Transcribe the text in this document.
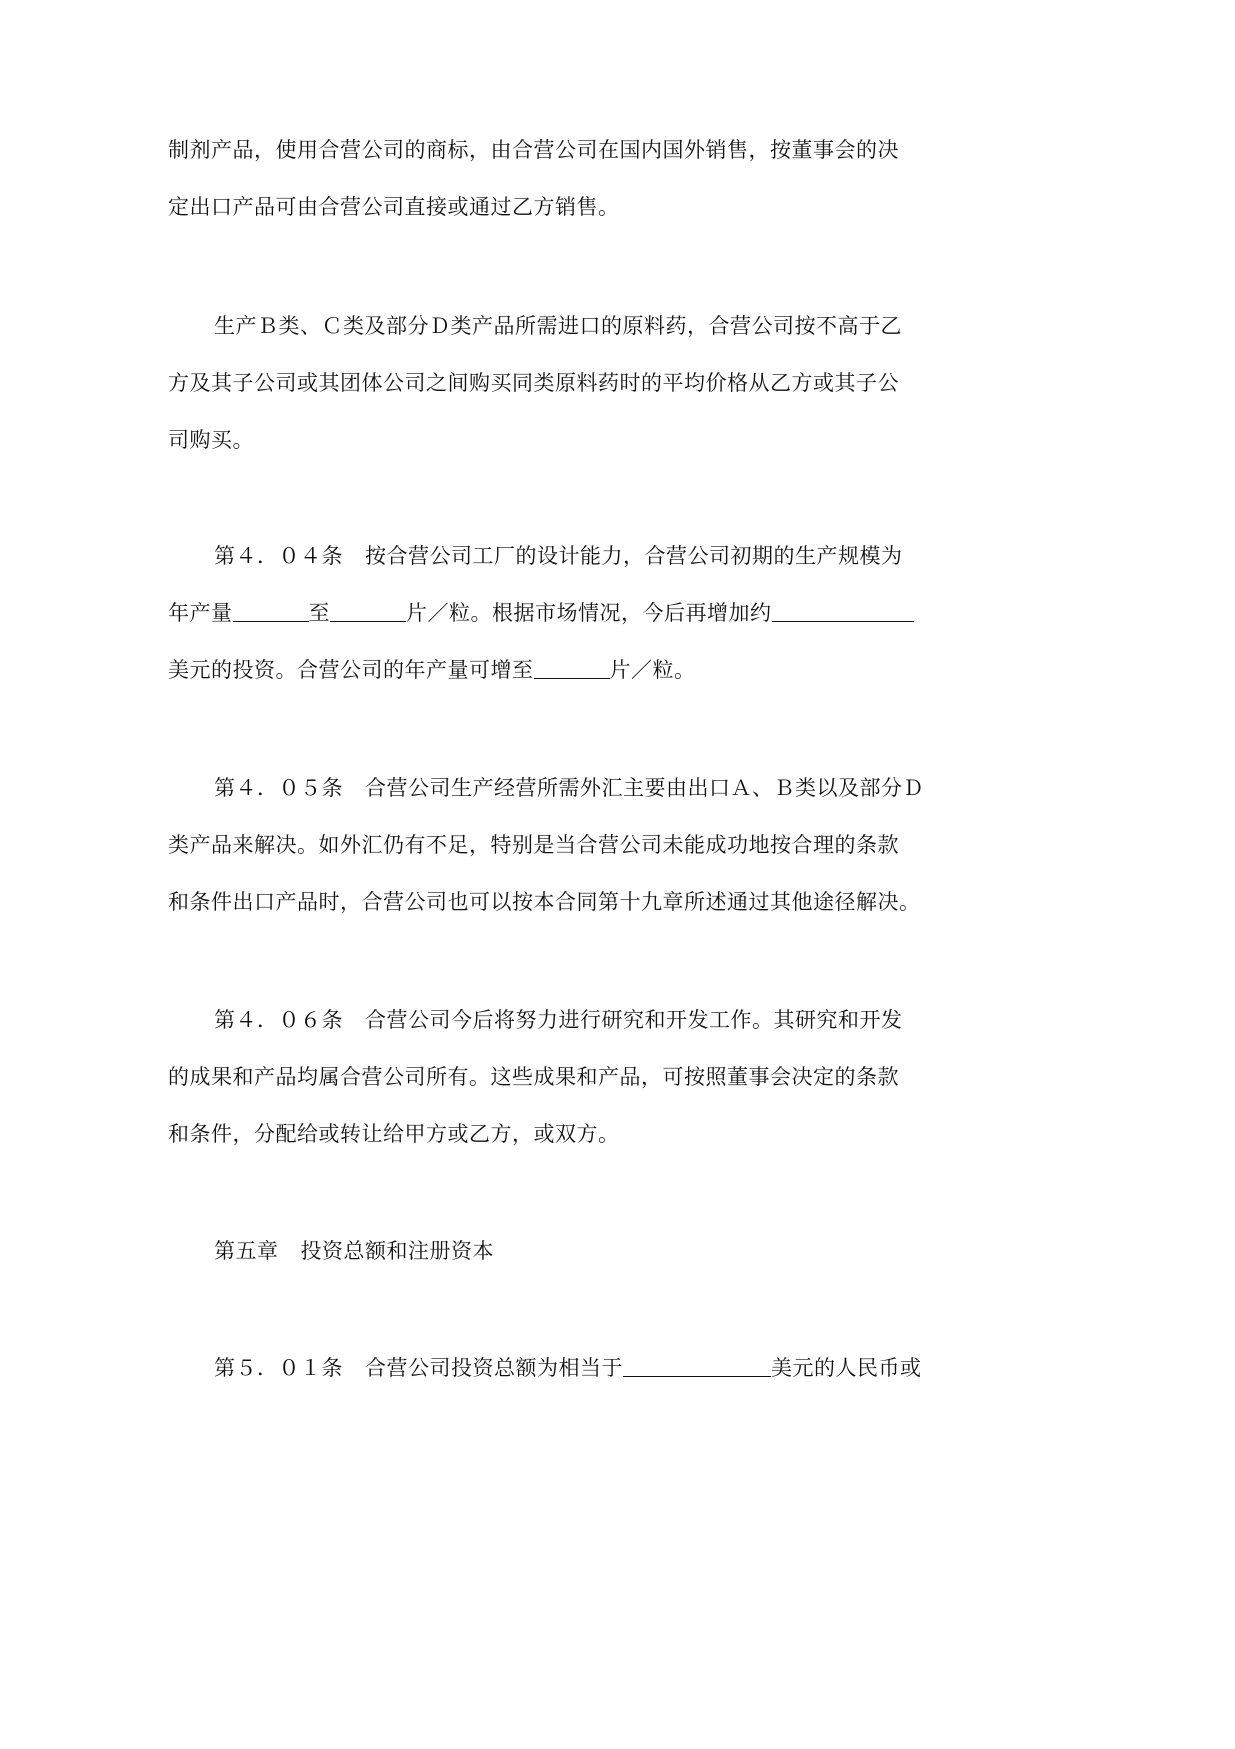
制剂产品，使用合营公司的商标，由合营公司在国内国外销售，按董事会的决
定出口产品可由合营公司直接或通过乙方销售。
生产Ｂ类、Ｃ类及部分Ｄ类产品所需进口的原料药，合营公司按不高于乙
方及其子公司或其团体公司之间购买同类原料药时的平均价格从乙方或其子公
司购买。
第４．０４条 按合营公司工厂的设计能力，合营公司初期的生产规模为
年产量	至	片／粒。根据市场情况，今后再增加约
美元的投资。合营公司的年产量可增至	片／粒。
第４．０５条 合营公司生产经营所需外汇主要由出口Ａ、Ｂ类以及部分Ｄ
类产品来解决。如外汇仍有不足，特别是当合营公司未能成功地按合理的条款
和条件出口产品时，合营公司也可以按本合同第十九章所述通过其他途径解决。
第４．０６条 合营公司今后将努力进行研究和开发工作。其研究和开发
的成果和产品均属合营公司所有。这些成果和产品，可按照董事会决定的条款
和条件，分配给或转让给甲方或乙方，或双方。
第五章 投资总额和注册资本
第５．０１条 合营公司投资总额为相当于	美元的人民币或
